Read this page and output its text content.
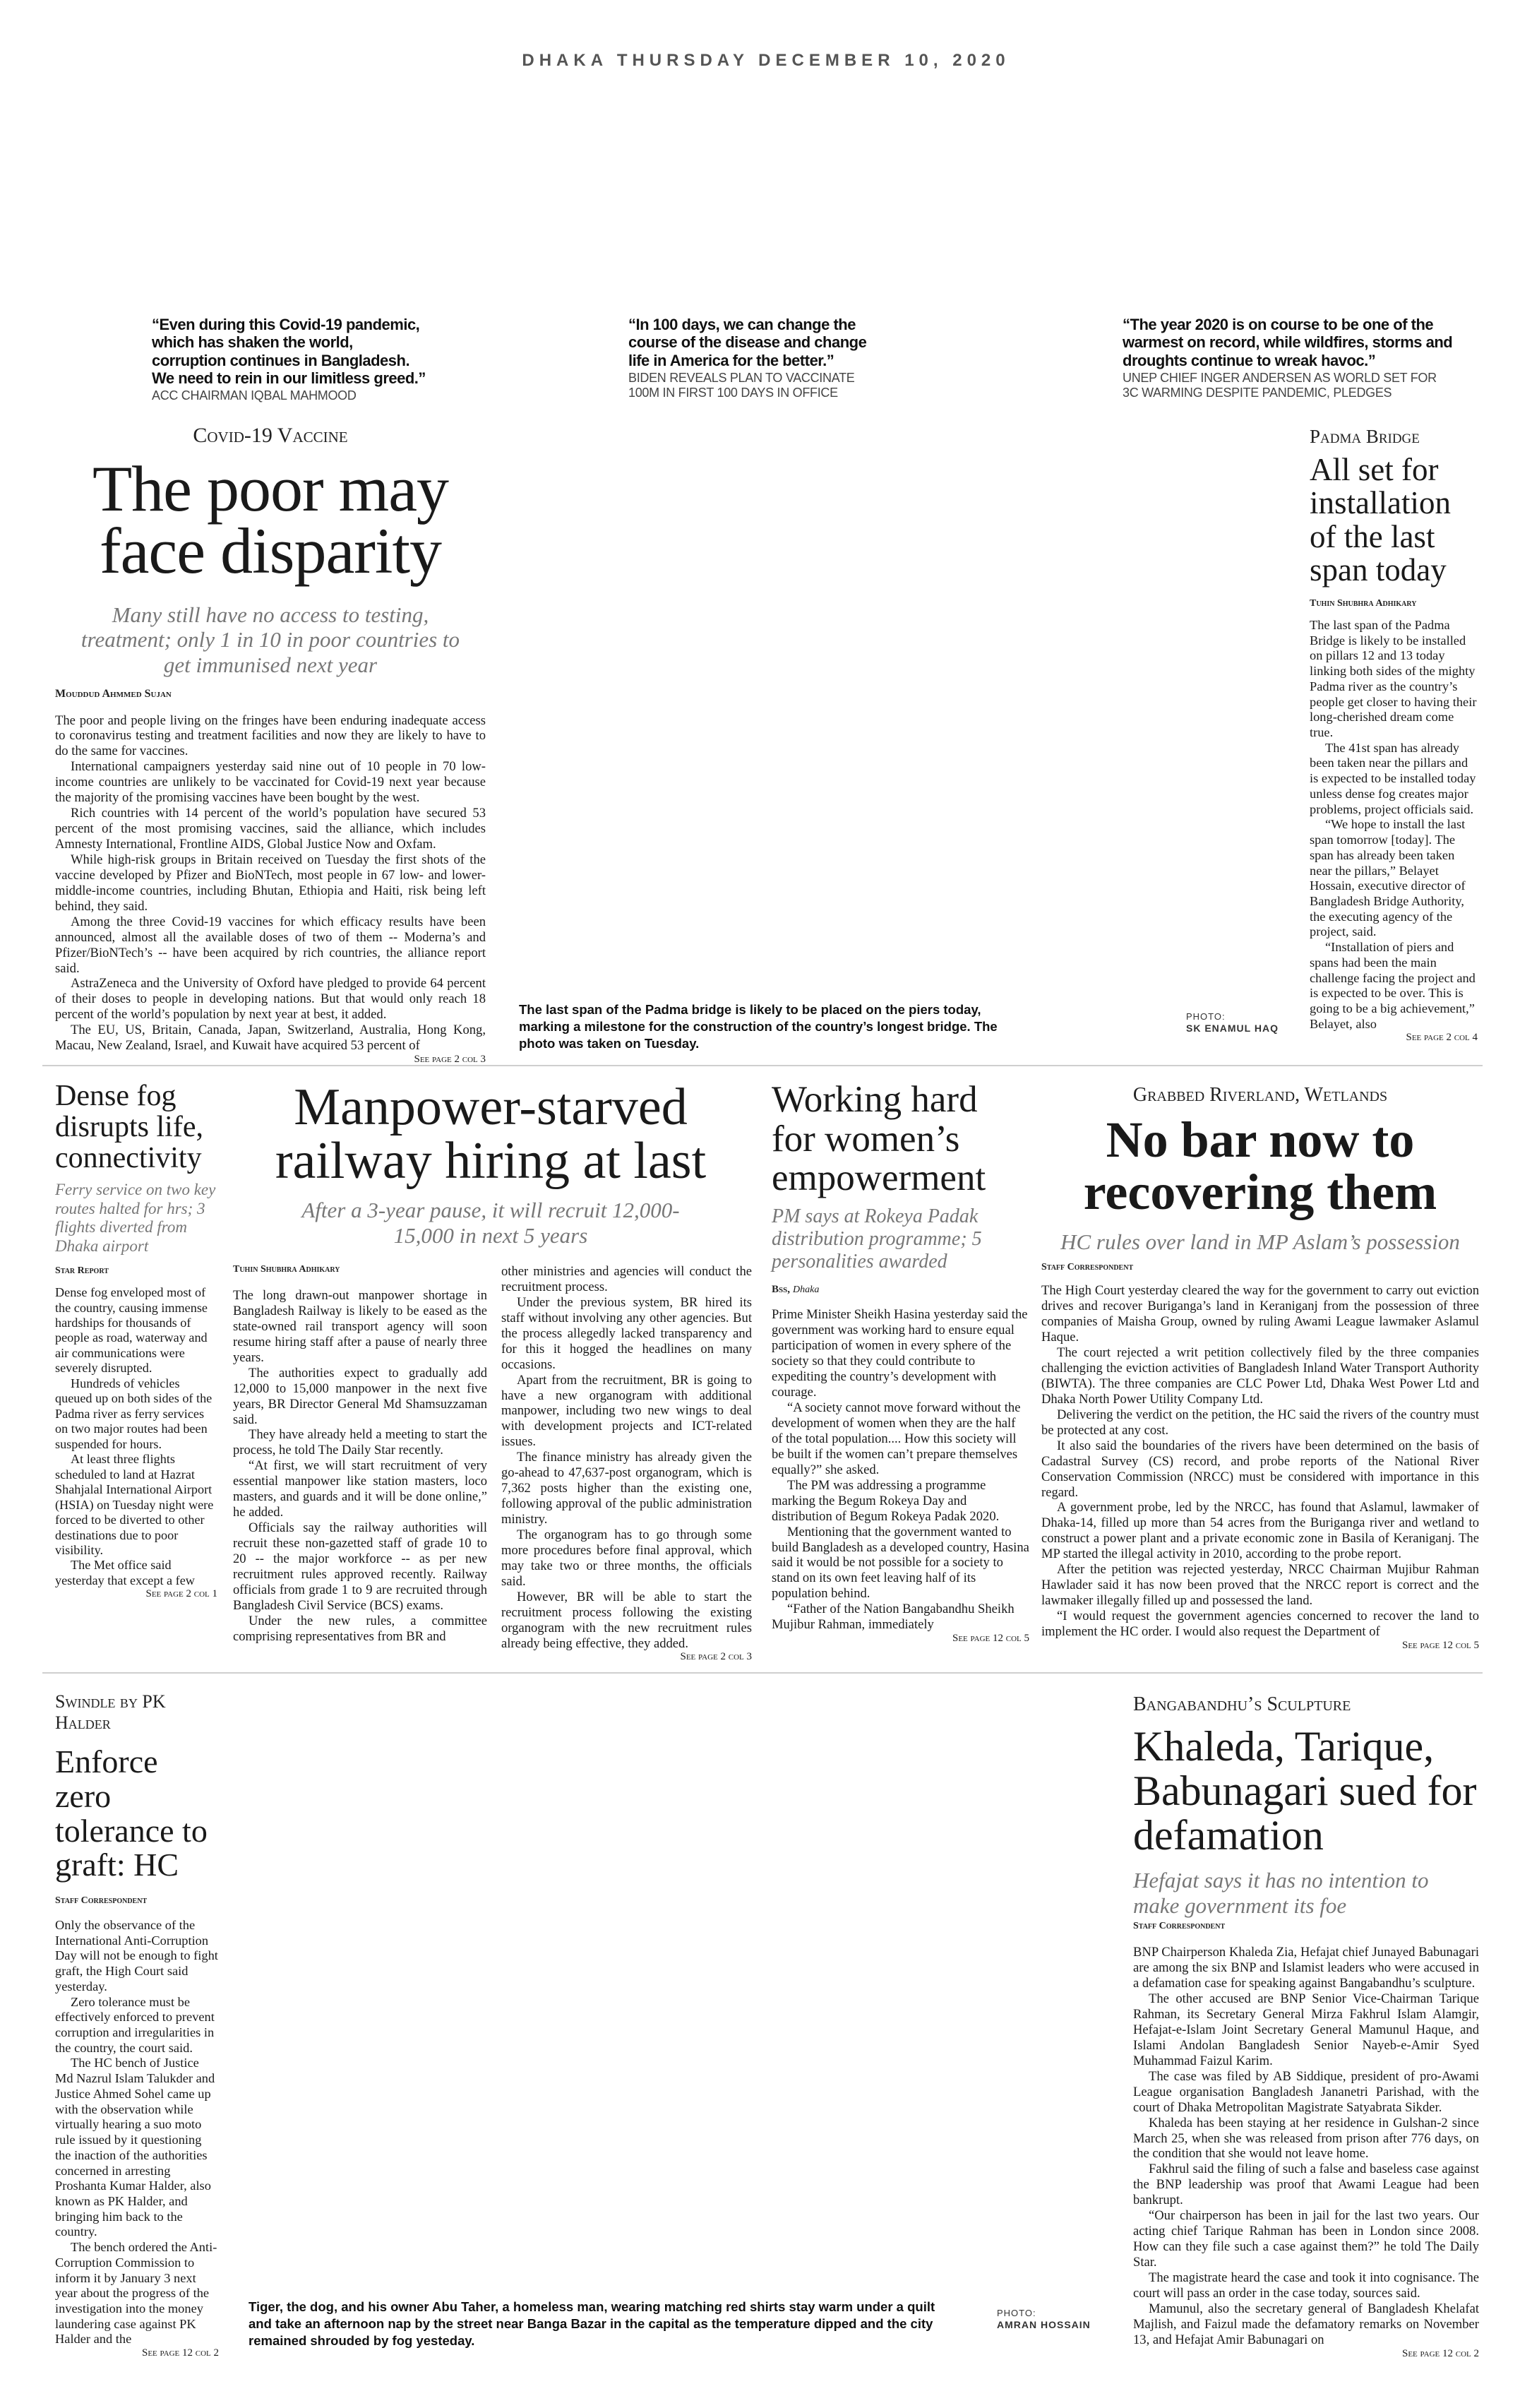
DHAKA THURSDAY DECEMBER 10, 2020
“Even during this Covid-19 pandemic, which has shaken the world, corruption continues in Bangladesh. We need to rein in our limitless greed.”
ACC CHAIRMAN IQBAL MAHMOOD
“In 100 days, we can change the course of the disease and change life in America for the better.”
BIDEN REVEALS PLAN TO VACCINATE 100M IN FIRST 100 DAYS IN OFFICE
“The year 2020 is on course to be one of the warmest on record, while wildfires, storms and droughts continue to wreak havoc.”
UNEP CHIEF INGER ANDERSEN AS WORLD SET FOR 3C WARMING DESPITE PANDEMIC, PLEDGES
Covid-19 Vaccine
The poor may face disparity
Many still have no access to testing, treatment; only 1 in 10 in poor countries to get immunised next year
Mouddud Ahmmed Sujan

The poor and people living on the fringes have been enduring inadequate access to coronavirus testing and treatment facilities and now they are likely to have to do the same for vaccines.

International campaigners yesterday said nine out of 10 people in 70 low-income countries are unlikely to be vaccinated for Covid-19 next year because the majority of the promising vaccines have been bought by the west.

Rich countries with 14 percent of the world’s population have secured 53 percent of the most promising vaccines, said the alliance, which includes Amnesty International, Frontline AIDS, Global Justice Now and Oxfam.

While high-risk groups in Britain received on Tuesday the first shots of the vaccine developed by Pfizer and BioNTech, most people in 67 low- and lower-middle-income countries, including Bhutan, Ethiopia and Haiti, risk being left behind, they said.

Among the three Covid-19 vaccines for which efficacy results have been announced, almost all the available doses of two of them -- Moderna’s and Pfizer/BioNTech’s -- have been acquired by rich countries, the alliance report said.

AstraZeneca and the University of Oxford have pledged to provide 64 percent of their doses to people in developing nations. But that would only reach 18 percent of the world’s population by next year at best, it added.

The EU, US, Britain, Canada, Japan, Switzerland, Australia, Hong Kong, Macau, New Zealand, Israel, and Kuwait have acquired 53 percent of

See page 2 col 3
The last span of the Padma bridge is likely to be placed on the piers today, marking a milestone for the construction of the country’s longest bridge. The photo was taken on Tuesday.
PHOTO:
SK ENAMUL HAQ
Padma Bridge
All set for installation of the last span today
Tuhin Shubhra Adhikary

The last span of the Padma Bridge is likely to be installed on pillars 12 and 13 today linking both sides of the mighty Padma river as the country’s people get closer to having their long-cherished dream come true.

The 41st span has already been taken near the pillars and is expected to be installed today unless dense fog creates major problems, project officials said.

“We hope to install the last span tomorrow [today]. The span has already been taken near the pillars,” Belayet Hossain, executive director of Bangladesh Bridge Authority, the executing agency of the project, said.

“Installation of piers and spans had been the main challenge facing the project and is expected to be over. This is going to be a big achievement,” Belayet, also

See page 2 col 4
Dense fog disrupts life, connectivity
Ferry service on two key routes halted for hrs; 3 flights diverted from Dhaka airport
Star Report

Dense fog enveloped most of the country, causing immense hardships for thousands of people as road, waterway and air communications were severely disrupted.

Hundreds of vehicles queued up on both sides of the Padma river as ferry services on two major routes had been suspended for hours.

At least three flights scheduled to land at Hazrat Shahjalal International Airport (HSIA) on Tuesday night were forced to be diverted to other destinations due to poor visibility.

The Met office said yesterday that except a few

See page 2 col 1
Manpower-starved railway hiring at last
After a 3-year pause, it will recruit 12,000-15,000 in next 5 years
Tuhin Shubhra Adhikary

The long drawn-out manpower shortage in Bangladesh Railway is likely to be eased as the state-owned rail transport agency will soon resume hiring staff after a pause of nearly three years.

The authorities expect to gradually add 12,000 to 15,000 manpower in the next five years, BR Director General Md Shamsuzzaman said.

They have already held a meeting to start the process, he told The Daily Star recently.

“At first, we will start recruitment of very essential manpower like station masters, loco masters, and guards and it will be done online,” he added.

Officials say the railway authorities will recruit these non-gazetted staff of grade 10 to 20 -- the major workforce -- as per new recruitment rules approved recently. Railway officials from grade 1 to 9 are recruited through Bangladesh Civil Service (BCS) exams.

Under the new rules, a committee comprising representatives from BR and

other ministries and agencies will conduct the recruitment process.

Under the previous system, BR hired its staff without involving any other agencies. But the process allegedly lacked transparency and for this it hogged the headlines on many occasions.

Apart from the recruitment, BR is going to have a new organogram with additional manpower, including two new wings to deal with development projects and ICT-related issues.

The finance ministry has already given the go-ahead to 47,637-post organogram, which is 7,362 posts higher than the existing one, following approval of the public administration ministry.

The organogram has to go through some more procedures before final approval, which may take two or three months, the officials said.

However, BR will be able to start the recruitment process following the existing organogram with the new recruitment rules already being effective, they added.

See page 2 col 3
Working hard for women’s empowerment
PM says at Rokeya Padak distribution programme; 5 personalities awarded
Bss, Dhaka

Prime Minister Sheikh Hasina yesterday said the government was working hard to ensure equal participation of women in every sphere of the society so that they could contribute to expediting the country’s development with courage.

“A society cannot move forward without the development of women when they are the half of the total population.... How this society will be built if the women can’t prepare themselves equally?” she asked.

The PM was addressing a programme marking the Begum Rokeya Day and distribution of Begum Rokeya Padak 2020.

Mentioning that the government wanted to build Bangladesh as a developed country, Hasina said it would be not possible for a society to stand on its own feet leaving half of its population behind.

“Father of the Nation Bangabandhu Sheikh Mujibur Rahman, immediately

See page 12 col 5
Grabbed Riverland, Wetlands
No bar now to recovering them
HC rules over land in MP Aslam’s possession
Staff Correspondent

The High Court yesterday cleared the way for the government to carry out eviction drives and recover Buriganga’s land in Keraniganj from the possession of three companies of Maisha Group, owned by ruling Awami League lawmaker Aslamul Haque.

The court rejected a writ petition collectively filed by the three companies challenging the eviction activities of Bangladesh Inland Water Transport Authority (BIWTA). The three companies are CLC Power Ltd, Dhaka West Power Ltd and Dhaka North Power Utility Company Ltd.

Delivering the verdict on the petition, the HC said the rivers of the country must be protected at any cost.

It also said the boundaries of the rivers have been determined on the basis of Cadastral Survey (CS) record, and probe reports of the National River Conservation Commission (NRCC) must be considered with importance in this regard.

A government probe, led by the NRCC, has found that Aslamul, lawmaker of Dhaka-14, filled up more than 54 acres from the Buriganga river and wetland to construct a power plant and a private economic zone in Basila of Keraniganj. The MP started the illegal activity in 2010, according to the probe report.

After the petition was rejected yesterday, NRCC Chairman Mujibur Rahman Hawlader said it has now been proved that the NRCC report is correct and the lawmaker illegally filled up and possessed the land.

“I would request the government agencies concerned to recover the land to implement the HC order. I would also request the Department of

See page 12 col 5
Swindle by PK Halder
Enforce zero tolerance to graft: HC
Staff Correspondent

Only the observance of the International Anti-Corruption Day will not be enough to fight graft, the High Court said yesterday.

Zero tolerance must be effectively enforced to prevent corruption and irregularities in the country, the court said.

The HC bench of Justice Md Nazrul Islam Talukder and Justice Ahmed Sohel came up with the observation while virtually hearing a suo moto rule issued by it questioning the inaction of the authorities concerned in arresting Proshanta Kumar Halder, also known as PK Halder, and bringing him back to the country.

The bench ordered the Anti-Corruption Commission to inform it by January 3 next year about the progress of the investigation into the money laundering case against PK Halder and the

See page 12 col 2
Tiger, the dog, and his owner Abu Taher, a homeless man, wearing matching red shirts stay warm under a quilt and take an afternoon nap by the street near Banga Bazar in the capital as the temperature dipped and the city remained shrouded by fog yesteday.
PHOTO:
AMRAN HOSSAIN
Bangabandhu’s Sculpture
Khaleda, Tarique, Babunagari sued for defamation
Hefajat says it has no intention to make government its foe
Staff Correspondent

BNP Chairperson Khaleda Zia, Hefajat chief Junayed Babunagari are among the six BNP and Islamist leaders who were accused in a defamation case for speaking against Bangabandhu’s sculpture.

The other accused are BNP Senior Vice-Chairman Tarique Rahman, its Secretary General Mirza Fakhrul Islam Alamgir, Hefajat-e-Islam Joint Secretary General Mamunul Haque, and Islami Andolan Bangladesh Senior Nayeb-e-Amir Syed Muhammad Faizul Karim.

The case was filed by AB Siddique, president of pro-Awami League organisation Bangladesh Jananetri Parishad, with the court of Dhaka Metropolitan Magistrate Satyabrata Sikder.

Khaleda has been staying at her residence in Gulshan-2 since March 25, when she was released from prison after 776 days, on the condition that she would not leave home.

Fakhrul said the filing of such a false and baseless case against the BNP leadership was proof that Awami League had been bankrupt.

“Our chairperson has been in jail for the last two years. Our acting chief Tarique Rahman has been in London since 2008. How can they file such a case against them?” he told The Daily Star.

The magistrate heard the case and took it into cognisance. The court will pass an order in the case today, sources said.

Mamunul, also the secretary general of Bangladesh Khelafat Majlish, and Faizul made the defamatory remarks on November 13, and Hefajat Amir Babunagari on

See page 12 col 2
